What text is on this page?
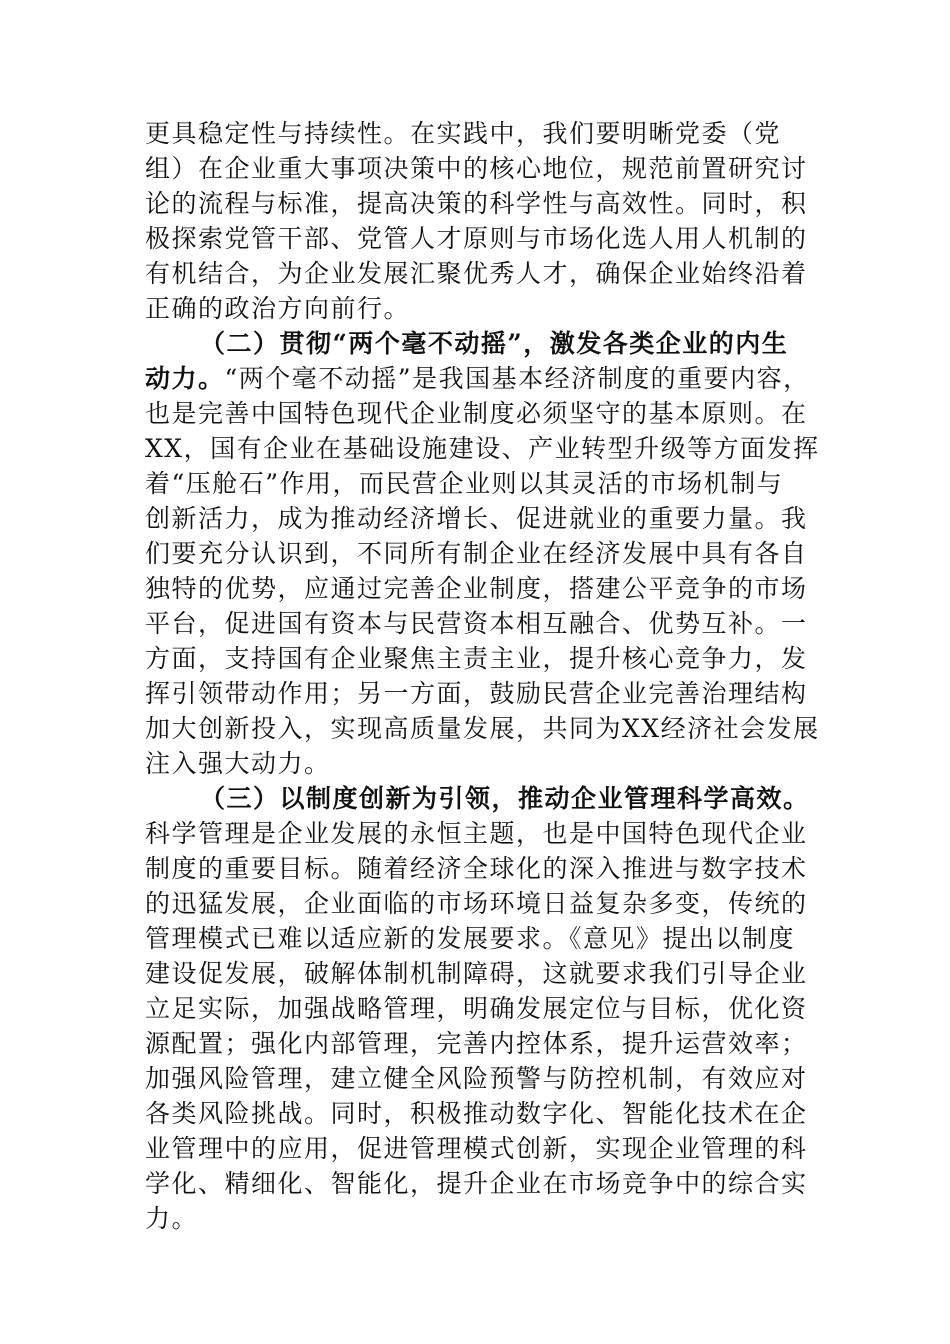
更具稳定性与持续性。在实践中，我们要明晰党委（党
组）在企业重大事项决策中的核心地位，规范前置研究讨
论的流程与标准，提高决策的科学性与高效性。同时，积
极探索党管干部、党管人才原则与市场化选人用人机制的
有机结合，为企业发展汇聚优秀人才，确保企业始终沿着
正确的政治方向前行。
（二）贯彻“两个毫不动摇”，激发各类企业的内生
动力。“两个毫不动摇”是我国基本经济制度的重要内容，
也是完善中国特色现代企业制度必须坚守的基本原则。在
XX，国有企业在基础设施建设、产业转型升级等方面发挥
着“压舱石”作用，而民营企业则以其灵活的市场机制与
创新活力，成为推动经济增长、促进就业的重要力量。我
们要充分认识到，不同所有制企业在经济发展中具有各自
独特的优势，应通过完善企业制度，搭建公平竞争的市场
平台，促进国有资本与民营资本相互融合、优势互补。一
方面，支持国有企业聚焦主责主业，提升核心竞争力，发
挥引领带动作用；另一方面，鼓励民营企业完善治理结构
加大创新投入，实现高质量发展，共同为XX经济社会发展
注入强大动力。
（三）以制度创新为引领，推动企业管理科学高效。
科学管理是企业发展的永恒主题，也是中国特色现代企业
制度的重要目标。随着经济全球化的深入推进与数字技术
的迅猛发展，企业面临的市场环境日益复杂多变，传统的
管理模式已难以适应新的发展要求。《意见》提出以制度
建设促发展，破解体制机制障碍，这就要求我们引导企业
立足实际，加强战略管理，明确发展定位与目标，优化资
源配置；强化内部管理，完善内控体系，提升运营效率；
加强风险管理，建立健全风险预警与防控机制，有效应对
各类风险挑战。同时，积极推动数字化、智能化技术在企
业管理中的应用，促进管理模式创新，实现企业管理的科
学化、精细化、智能化，提升企业在市场竞争中的综合实
力。
